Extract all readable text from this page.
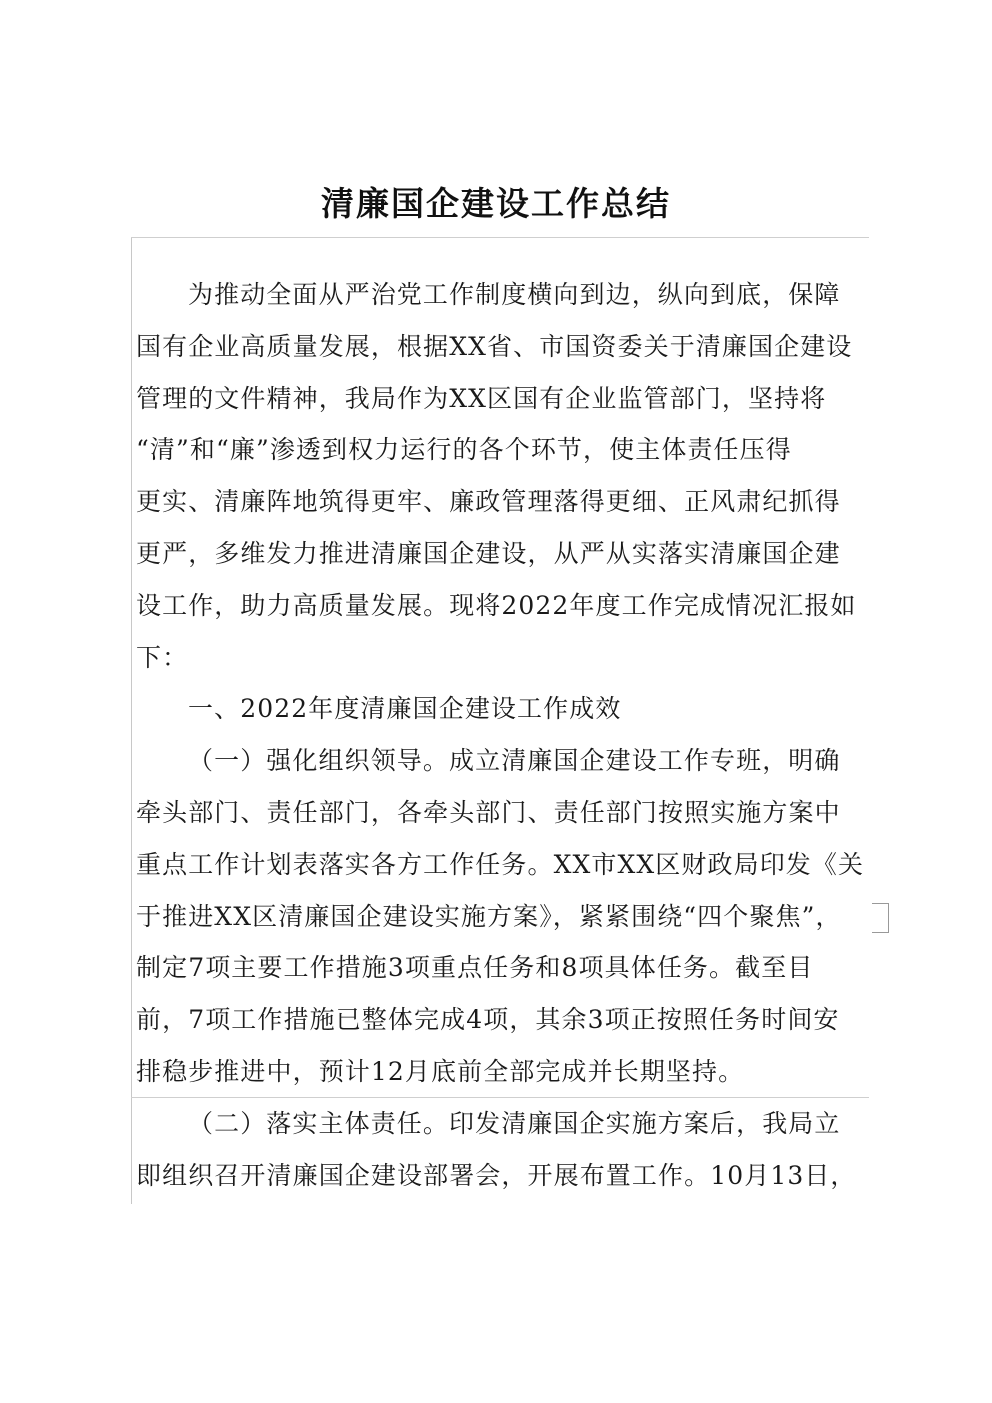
清廉国企建设工作总结
为推动全面从严治党工作制度横向到边，纵向到底，保障
国有企业高质量发展，根据XX省、市国资委关于清廉国企建设
管理的文件精神，我局作为XX区国有企业监管部门，坚持将
“清”和“廉”渗透到权力运行的各个环节，使主体责任压得
更实、清廉阵地筑得更牢、廉政管理落得更细、正风肃纪抓得
更严，多维发力推进清廉国企建设，从严从实落实清廉国企建
设工作，助力高质量发展。现将2022年度工作完成情况汇报如
下：
一、2022年度清廉国企建设工作成效
（一）强化组织领导。成立清廉国企建设工作专班，明确
牵头部门、责任部门，各牵头部门、责任部门按照实施方案中
重点工作计划表落实各方工作任务。XX市XX区财政局印发《关
于推进XX区清廉国企建设实施方案》，紧紧围绕“四个聚焦”，
制定7项主要工作措施3项重点任务和8项具体任务。截至目
前，7项工作措施已整体完成4项，其余3项正按照任务时间安
排稳步推进中，预计12月底前全部完成并长期坚持。
（二）落实主体责任。印发清廉国企实施方案后，我局立
即组织召开清廉国企建设部署会，开展布置工作。10月13日，
